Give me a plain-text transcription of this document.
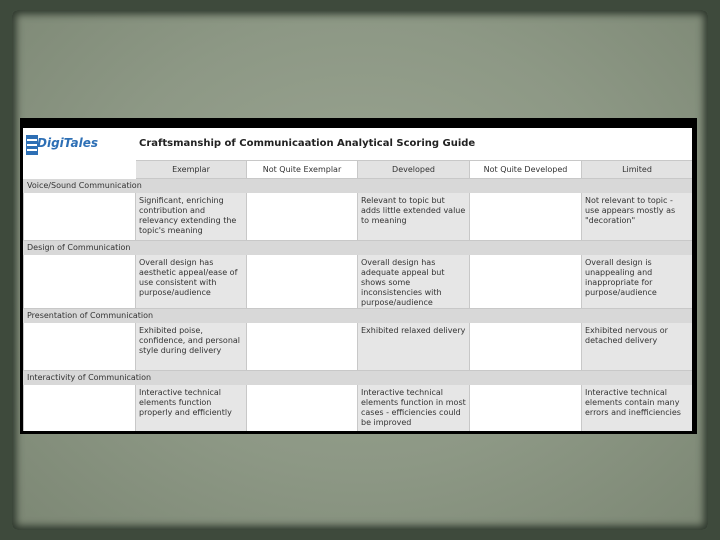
DigiTales	Craftsmanship of Communicaation Analytical Scoring Guide
	Exemplar	Not Quite Exemplar	Developed	Not Quite Developed	Limited
Voice/Sound Communication					

	Significant, enriching contribution and relevancy extending the topic's meaning		Relevant to topic but adds little extended value to meaning		Not relevant to topic - use appears mostly as "decoration"

Design of Communication					

	Overall design has aesthetic appeal/ease of use consistent with purpose/audience		Overall design has adequate appeal but shows some inconsistencies with purpose/audience		Overall design is unappealing and inappropriate for purpose/audience

Presentation of Communication					

	Exhibited poise, confidence, and personal style during delivery		Exhibited relaxed delivery		Exhibited nervous or detached delivery

Interactivity of Communication					

	Interactive technical elements function properly and efficiently		Interactive technical elements function in most cases - efficiencies could be improved		Interactive technical elements contain many errors and inefficiencies
